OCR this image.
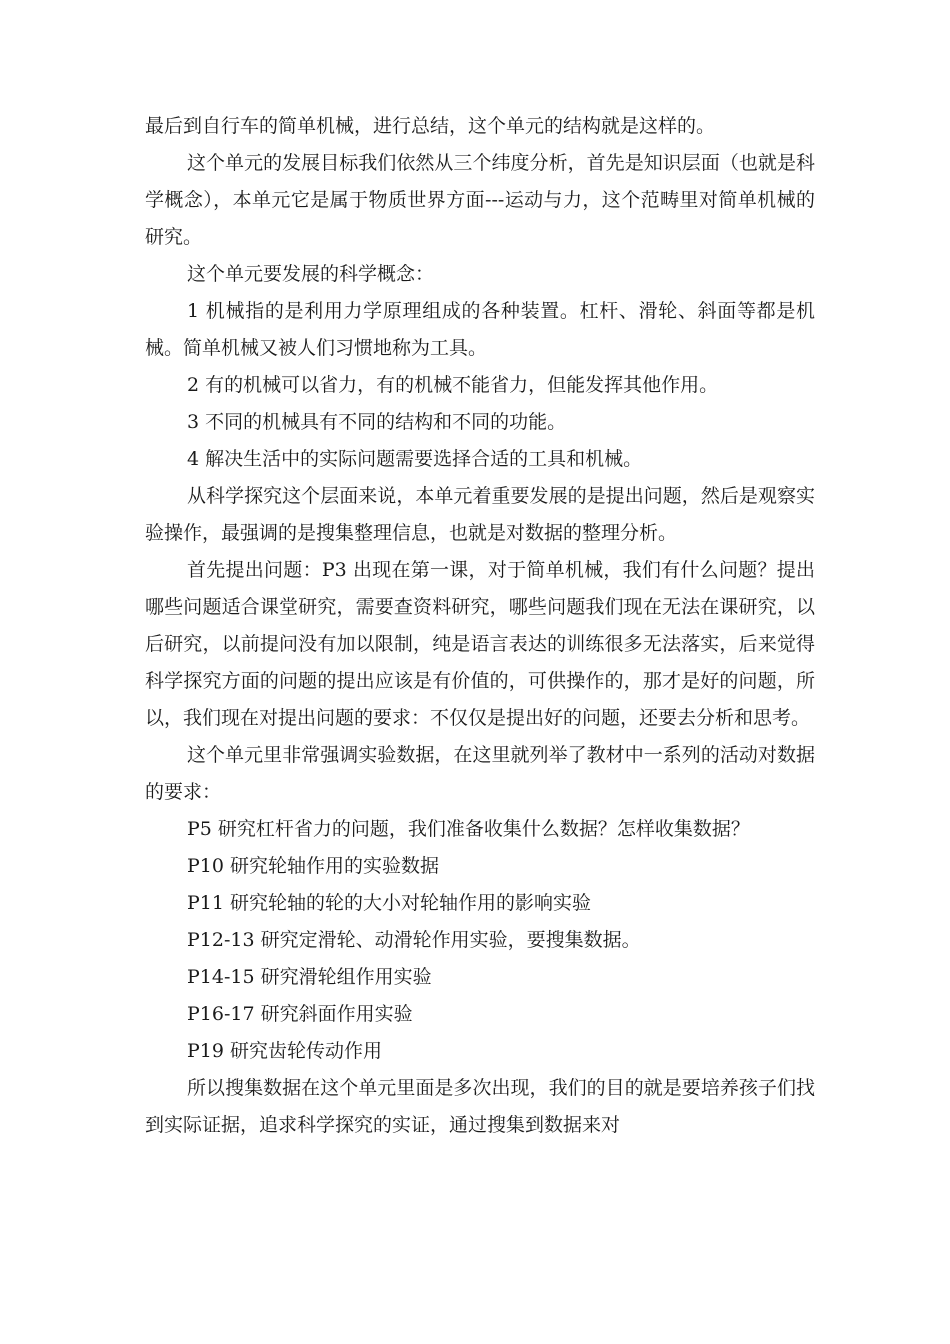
最后到自行车的简单机械，进行总结，这个单元的结构就是这样的。

这个单元的发展目标我们依然从三个纬度分析，首先是知识层面（也就是科学概念），本单元它是属于物质世界方面---运动与力，这个范畴里对简单机械的研究。

这个单元要发展的科学概念：

1 机械指的是利用力学原理组成的各种装置。杠杆、滑轮、斜面等都是机械。简单机械又被人们习惯地称为工具。

2 有的机械可以省力，有的机械不能省力，但能发挥其他作用。

3 不同的机械具有不同的结构和不同的功能。

4 解决生活中的实际问题需要选择合适的工具和机械。

从科学探究这个层面来说，本单元着重要发展的是提出问题，然后是观察实验操作，最强调的是搜集整理信息，也就是对数据的整理分析。

首先提出问题：P3 出现在第一课，对于简单机械，我们有什么问题？提出哪些问题适合课堂研究，需要查资料研究，哪些问题我们现在无法在课研究，以后研究，以前提问没有加以限制，纯是语言表达的训练很多无法落实，后来觉得科学探究方面的问题的提出应该是有价值的，可供操作的，那才是好的问题，所以，我们现在对提出问题的要求：不仅仅是提出好的问题，还要去分析和思考。

这个单元里非常强调实验数据，在这里就列举了教材中一系列的活动对数据的要求：

P5 研究杠杆省力的问题，我们准备收集什么数据？怎样收集数据？

P10 研究轮轴作用的实验数据

P11 研究轮轴的轮的大小对轮轴作用的影响实验

P12-13 研究定滑轮、动滑轮作用实验，要搜集数据。

P14-15 研究滑轮组作用实验

P16-17 研究斜面作用实验

P19 研究齿轮传动作用

所以搜集数据在这个单元里面是多次出现，我们的目的就是要培养孩子们找到实际证据，追求科学探究的实证，通过搜集到数据来对
